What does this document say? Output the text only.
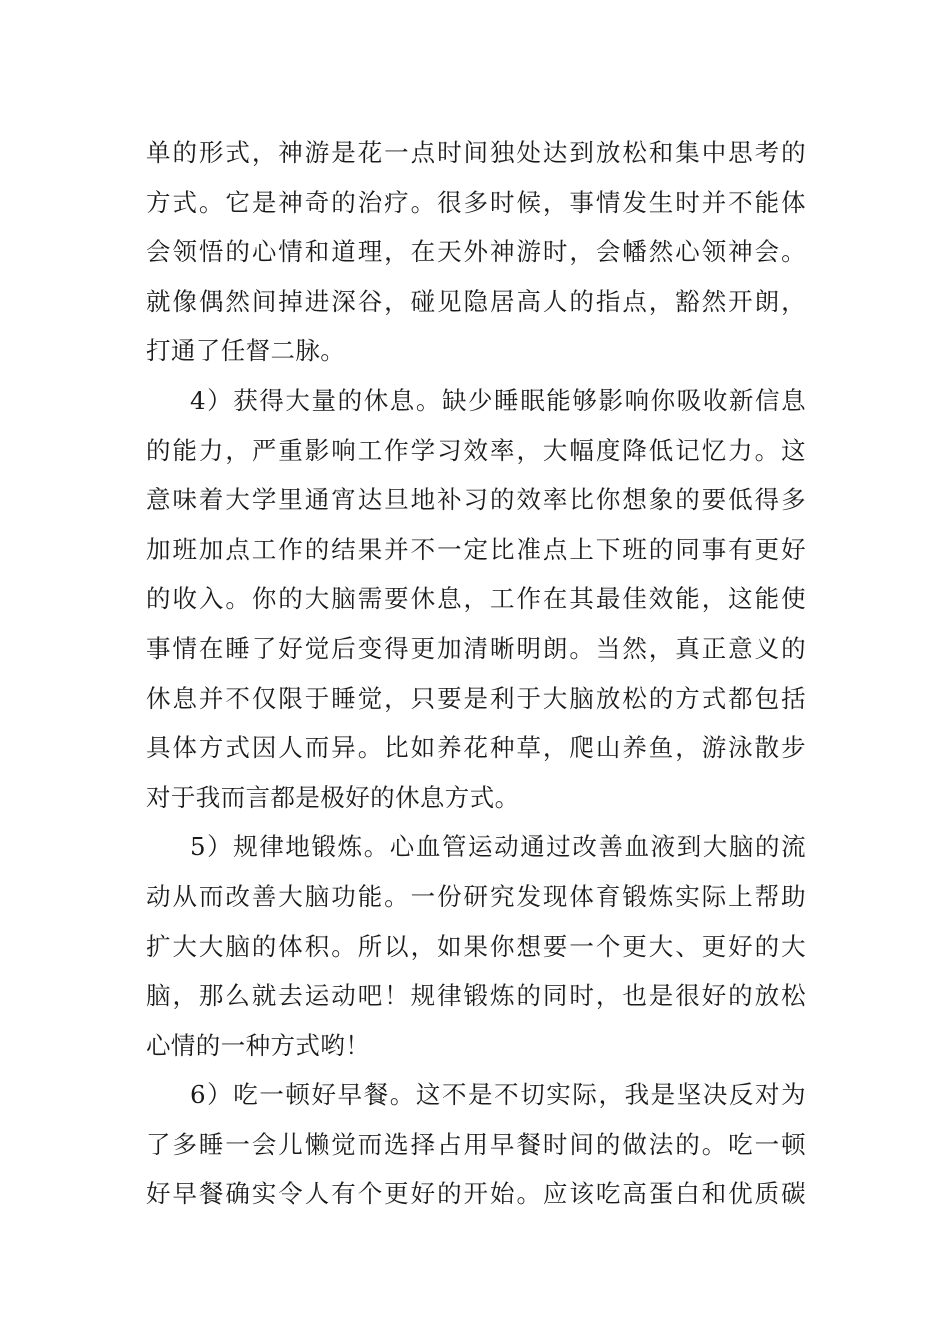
单的形式，神游是花一点时间独处达到放松和集中思考的
方式。它是神奇的治疗。很多时候，事情发生时并不能体
会领悟的心情和道理，在天外神游时，会幡然心领神会。
就像偶然间掉进深谷，碰见隐居高人的指点，豁然开朗，
打通了任督二脉。
4）获得大量的休息。缺少睡眠能够影响你吸收新信息
的能力，严重影响工作学习效率，大幅度降低记忆力。这
意味着大学里通宵达旦地补习的效率比你想象的要低得多
加班加点工作的结果并不一定比准点上下班的同事有更好
的收入。你的大脑需要休息，工作在其最佳效能，这能使
事情在睡了好觉后变得更加清晰明朗。当然，真正意义的
休息并不仅限于睡觉，只要是利于大脑放松的方式都包括
具体方式因人而异。比如养花种草，爬山养鱼，游泳散步
对于我而言都是极好的休息方式。
5）规律地锻炼。心血管运动通过改善血液到大脑的流
动从而改善大脑功能。一份研究发现体育锻炼实际上帮助
扩大大脑的体积。所以，如果你想要一个更大、更好的大
脑，那么就去运动吧！规律锻炼的同时，也是很好的放松
心情的一种方式哟！
6）吃一顿好早餐。这不是不切实际，我是坚决反对为
了多睡一会儿懒觉而选择占用早餐时间的做法的。吃一顿
好早餐确实令人有个更好的开始。应该吃高蛋白和优质碳
